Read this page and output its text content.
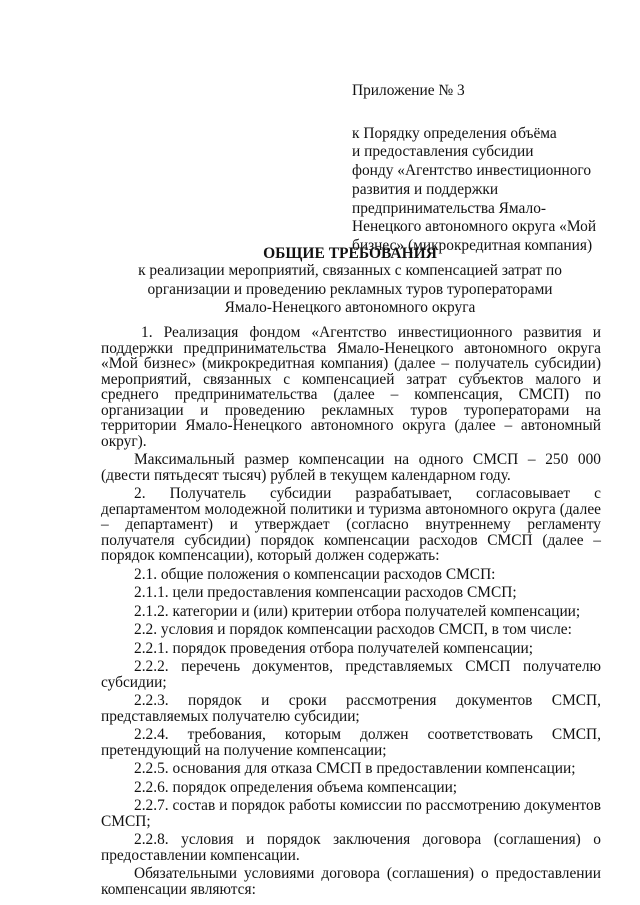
Приложение № 3
к Порядку определения объёма
и предоставления субсидии
фонду «Агентство инвестиционного
развития и поддержки
предпринимательства Ямало-
Ненецкого автономного округа «Мой
бизнес» (микрокредитная компания)
ОБЩИЕ ТРЕБОВАНИЯ
к реализации мероприятий, связанных с компенсацией затрат по
организации и проведению рекламных туров туроператорами
Ямало-Ненецкого автономного округа
1. Реализация фондом «Агентство инвестиционного развития и поддержки предпринимательства Ямало-Ненецкого автономного округа «Мой бизнес» (микрокредитная компания) (далее – получатель субсидии) мероприятий, связанных с компенсацией затрат субъектов малого и среднего предпринимательства (далее – компенсация, СМСП) по организации и проведению рекламных туров туроператорами на территории Ямало-Ненецкого автономного округа (далее – автономный округ).
Максимальный размер компенсации на одного СМСП – 250 000 (двести пятьдесят тысяч) рублей в текущем календарном году.
2. Получатель субсидии разрабатывает, согласовывает с департаментом молодежной политики и туризма автономного округа (далее – департамент) и утверждает (согласно внутреннему регламенту получателя субсидии) порядок компенсации расходов СМСП (далее – порядок компенсации), который должен содержать:
2.1. общие положения о компенсации расходов СМСП:
2.1.1. цели предоставления компенсации расходов СМСП;
2.1.2. категории и (или) критерии отбора получателей компенсации;
2.2. условия и порядок компенсации расходов СМСП, в том числе:
2.2.1. порядок проведения отбора получателей компенсации;
2.2.2. перечень документов, представляемых СМСП получателю субсидии;
2.2.3. порядок и сроки рассмотрения документов СМСП, представляемых получателю субсидии;
2.2.4. требования, которым должен соответствовать СМСП, претендующий на получение компенсации;
2.2.5. основания для отказа СМСП в предоставлении компенсации;
2.2.6. порядок определения объема компенсации;
2.2.7. состав и порядок работы комиссии по рассмотрению документов СМСП;
2.2.8. условия и порядок заключения договора (соглашения) о предоставлении компенсации.
Обязательными условиями договора (соглашения) о предоставлении компенсации являются:
